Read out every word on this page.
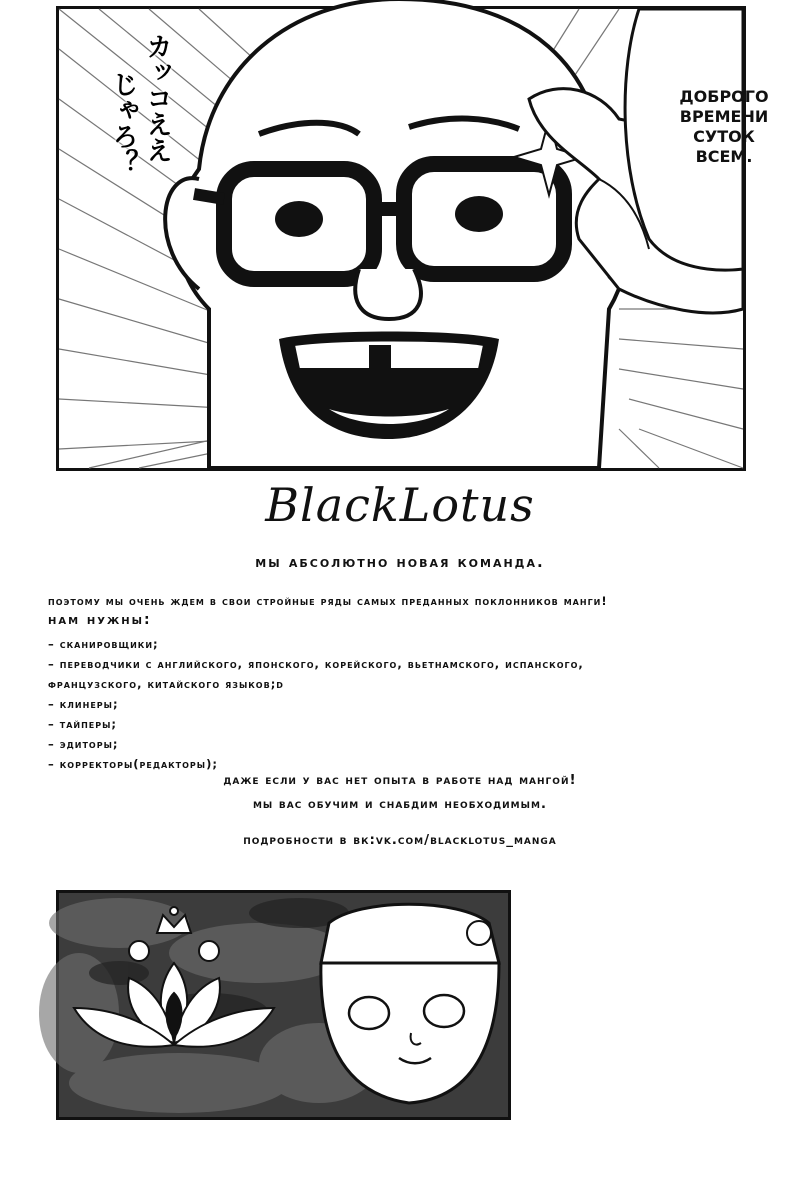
カッコええ
じゃろ？	ДОБРОГО
ВРЕМЕНИ
СУТОК
ВСЕМ.
BlackLotus
мы абсолютно новая команда.
поэтому мы очень ждем в свои стройные ряды самых преданных поклонников манги!
нам нужны:
– сканировщики;
– переводчики с английского, японского, корейского, вьетнамского, испанского,
французского, китайского языков;d
– клинеры;
– тайперы;
– эдиторы;
– корректоры(редакторы);
даже если у вас нет опыта в работе над мангой!
мы вас обучим и снабдим необходимым.
подробности в вк:vk.com/blacklotus_manga
